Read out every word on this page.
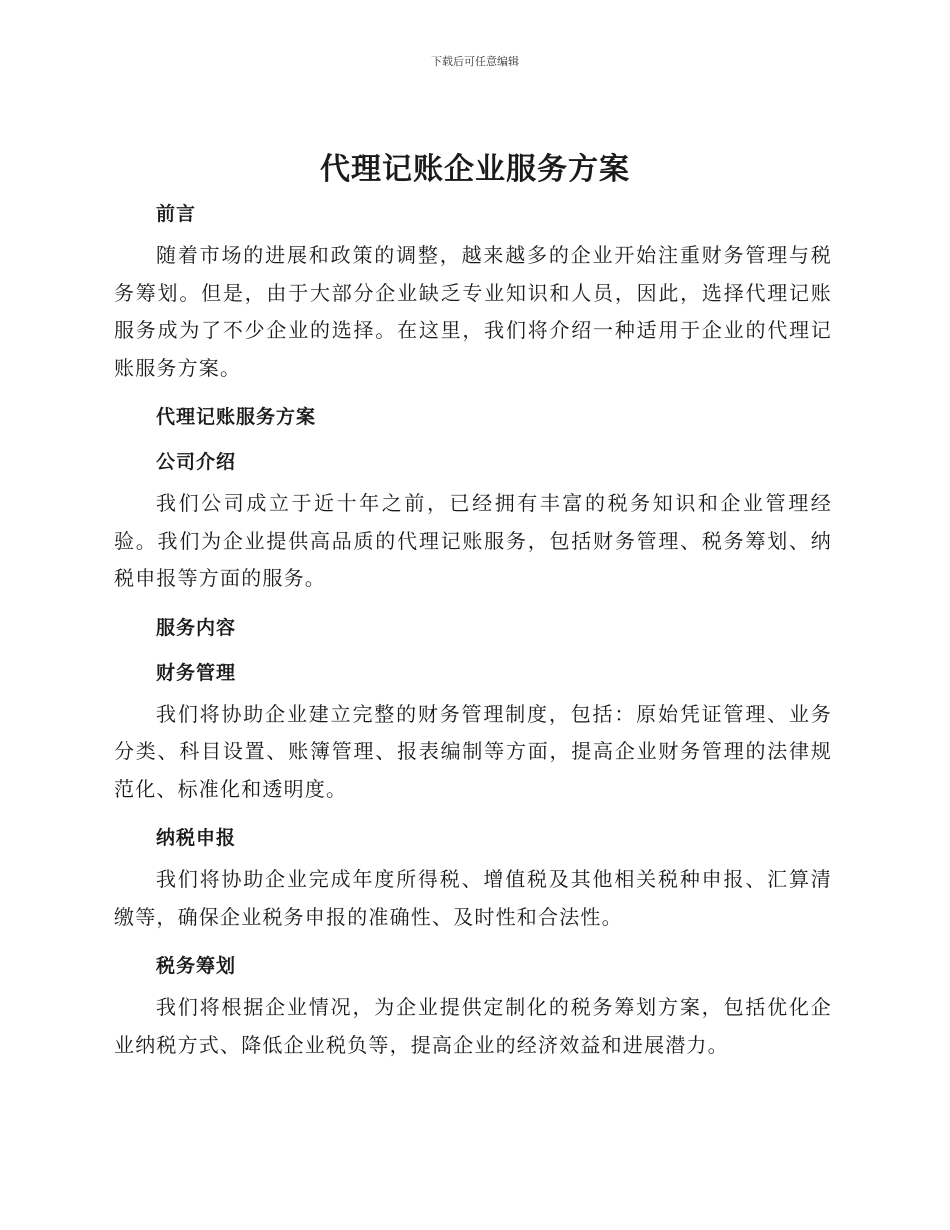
下载后可任意编辑
代理记账企业服务方案
前言

随着市场的进展和政策的调整，越来越多的企业开始注重财务管理与税务筹划。但是，由于大部分企业缺乏专业知识和人员，因此，选择代理记账服务成为了不少企业的选择。在这里，我们将介绍一种适用于企业的代理记账服务方案。

代理记账服务方案
公司介绍

我们公司成立于近十年之前，已经拥有丰富的税务知识和企业管理经验。我们为企业提供高品质的代理记账服务，包括财务管理、税务筹划、纳税申报等方面的服务。

服务内容
财务管理

我们将协助企业建立完整的财务管理制度，包括：原始凭证管理、业务分类、科目设置、账簿管理、报表编制等方面，提高企业财务管理的法律规范化、标准化和透明度。

纳税申报

我们将协助企业完成年度所得税、增值税及其他相关税种申报、汇算清缴等，确保企业税务申报的准确性、及时性和合法性。

税务筹划

我们将根据企业情况，为企业提供定制化的税务筹划方案，包括优化企业纳税方式、降低企业税负等，提高企业的经济效益和进展潜力。
